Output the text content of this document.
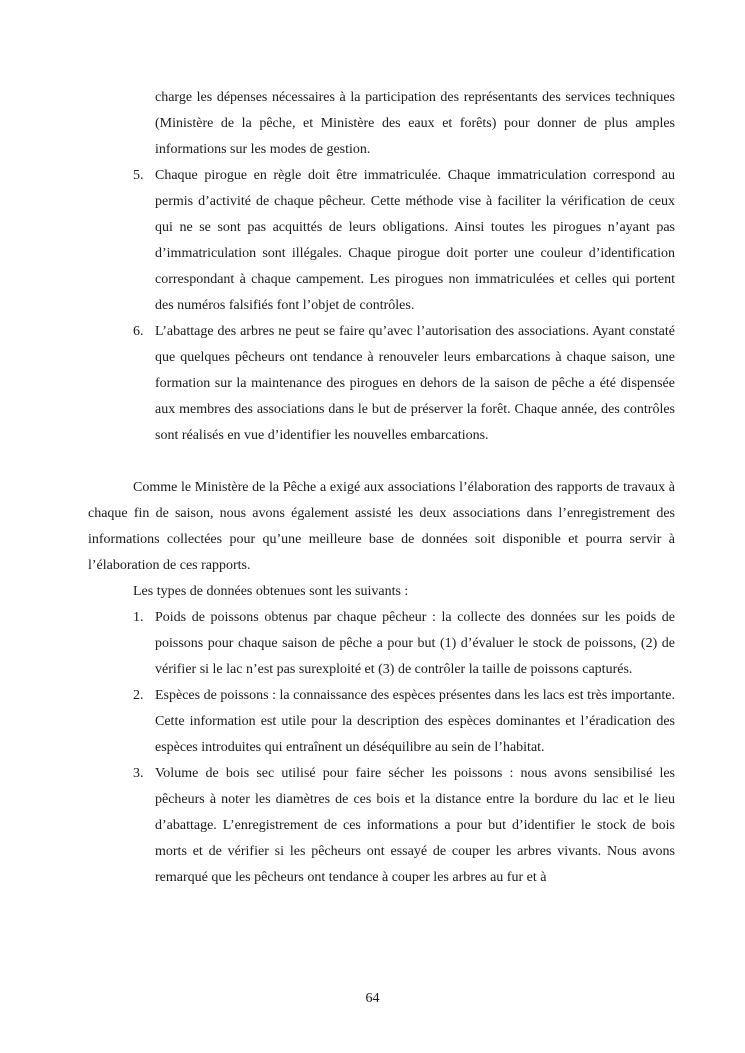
charge les dépenses nécessaires à la participation des représentants des services techniques (Ministère de la pêche, et Ministère des eaux et forêts) pour donner de plus amples informations sur les modes de gestion.

5. Chaque pirogue en règle doit être immatriculée. Chaque immatriculation correspond au permis d’activité de chaque pêcheur. Cette méthode vise à faciliter la vérification de ceux qui ne se sont pas acquittés de leurs obligations. Ainsi toutes les pirogues n’ayant pas d’immatriculation sont illégales. Chaque pirogue doit porter une couleur d’identification correspondant à chaque campement. Les pirogues non immatriculées et celles qui portent des numéros falsifiés font l’objet de contrôles.
6. L’abattage des arbres ne peut se faire qu’avec l’autorisation des associations. Ayant constaté que quelques pêcheurs ont tendance à renouveler leurs embarcations à chaque saison, une formation sur la maintenance des pirogues en dehors de la saison de pêche a été dispensée aux membres des associations dans le but de préserver la forêt. Chaque année, des contrôles sont réalisés en vue d’identifier les nouvelles embarcations.

Comme le Ministère de la Pêche a exigé aux associations l’élaboration des rapports de travaux à chaque fin de saison, nous avons également assisté les deux associations dans l’enregistrement des informations collectées pour qu’une meilleure base de données soit disponible et pourra servir à l’élaboration de ces rapports.

Les types de données obtenues sont les suivants :

1. Poids de poissons obtenus par chaque pêcheur : la collecte des données sur les poids de poissons pour chaque saison de pêche a pour but (1) d’évaluer le stock de poissons, (2) de vérifier si le lac n’est pas surexploité et (3) de contrôler la taille de poissons capturés.
2. Espèces de poissons : la connaissance des espèces présentes dans les lacs est très importante. Cette information est utile pour la description des espèces dominantes et l’éradication des espèces introduites qui entraînent un déséquilibre au sein de l’habitat.
3. Volume de bois sec utilisé pour faire sécher les poissons : nous avons sensibilisé les pêcheurs à noter les diamètres de ces bois et la distance entre la bordure du lac et le lieu d’abattage. L’enregistrement de ces informations a pour but d’identifier le stock de bois morts et de vérifier si les pêcheurs ont essayé de couper les arbres vivants. Nous avons remarqué que les pêcheurs ont tendance à couper les arbres au fur et à
64
